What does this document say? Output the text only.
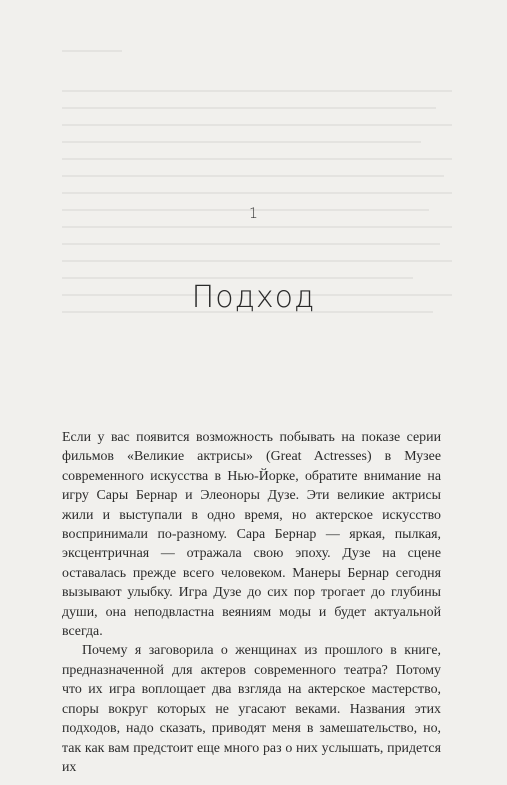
1
Подход

Если у вас появится возможность побывать на показе серии фильмов «Великие актрисы» (Great Actresses) в Музее современного искусства в Нью-Йорке, обратите внимание на игру Сары Бернар и Элеоноры Дузе. Эти великие актрисы жили и выступали в одно время, но актерское искусство воспринимали по-разному. Сара Бернар — яркая, пылкая, эксцентричная — отражала свою эпоху. Дузе на сцене оставалась прежде всего человеком. Манеры Бернар сегодня вызывают улыбку. Игра Дузе до сих пор трогает до глубины души, она неподвластна веяниям моды и будет актуальной всегда.

Почему я заговорила о женщинах из прошлого в книге, предназначенной для актеров современного театра? Потому что их игра воплощает два взгляда на актерское мастерство, споры вокруг которых не угасают веками. Названия этих подходов, надо сказать, приводят меня в замешательство, но, так как вам предстоит еще много раз о них услышать, придется их
